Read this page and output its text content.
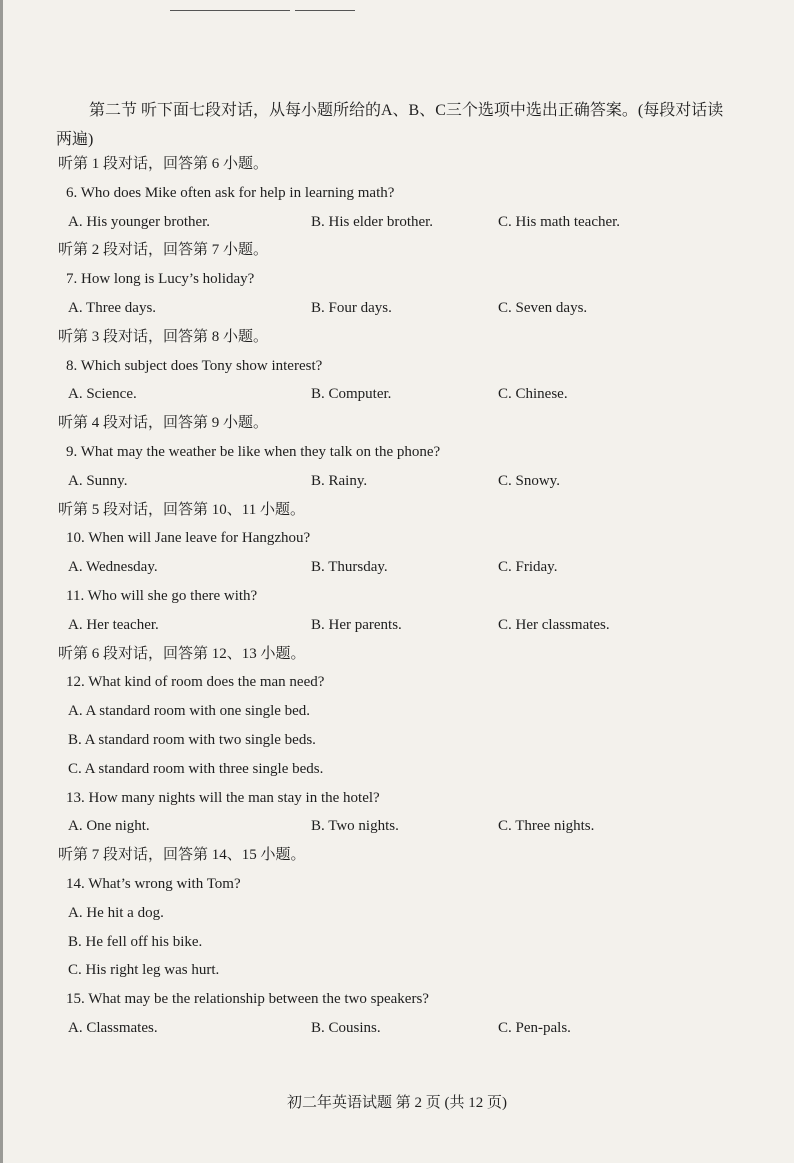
第二节 听下面七段对话，从每小题所给的A、B、C三个选项中选出正确答案。(每段对话读两遍)
听第 1 段对话，回答第 6 小题。
6. Who does Mike often ask for help in learning math?
A. His younger brother.	B. His elder brother.	C. His math teacher.
听第 2 段对话，回答第 7 小题。
7. How long is Lucy’s holiday?
A. Three days.	B. Four days.	C. Seven days.
听第 3 段对话，回答第 8 小题。
8. Which subject does Tony show interest?
A. Science.	B. Computer.	C. Chinese.
听第 4 段对话，回答第 9 小题。
9. What may the weather be like when they talk on the phone?
A. Sunny.	B. Rainy.	C. Snowy.
听第 5 段对话，回答第 10、11 小题。
10. When will Jane leave for Hangzhou?
A. Wednesday.	B. Thursday.	C. Friday.
11. Who will she go there with?
A. Her teacher.	B. Her parents.	C. Her classmates.
听第 6 段对话，回答第 12、13 小题。
12. What kind of room does the man need?
A. A standard room with one single bed.
B. A standard room with two single beds.
C. A standard room with three single beds.
13. How many nights will the man stay in the hotel?
A. One night.	B. Two nights.	C. Three nights.
听第 7 段对话，回答第 14、15 小题。
14. What’s wrong with Tom?
A. He hit a dog.
B. He fell off his bike.
C. His right leg was hurt.
15. What may be the relationship between the two speakers?
A. Classmates.	B. Cousins.	C. Pen-pals.
初二年英语试题 第 2 页 (共 12 页)
